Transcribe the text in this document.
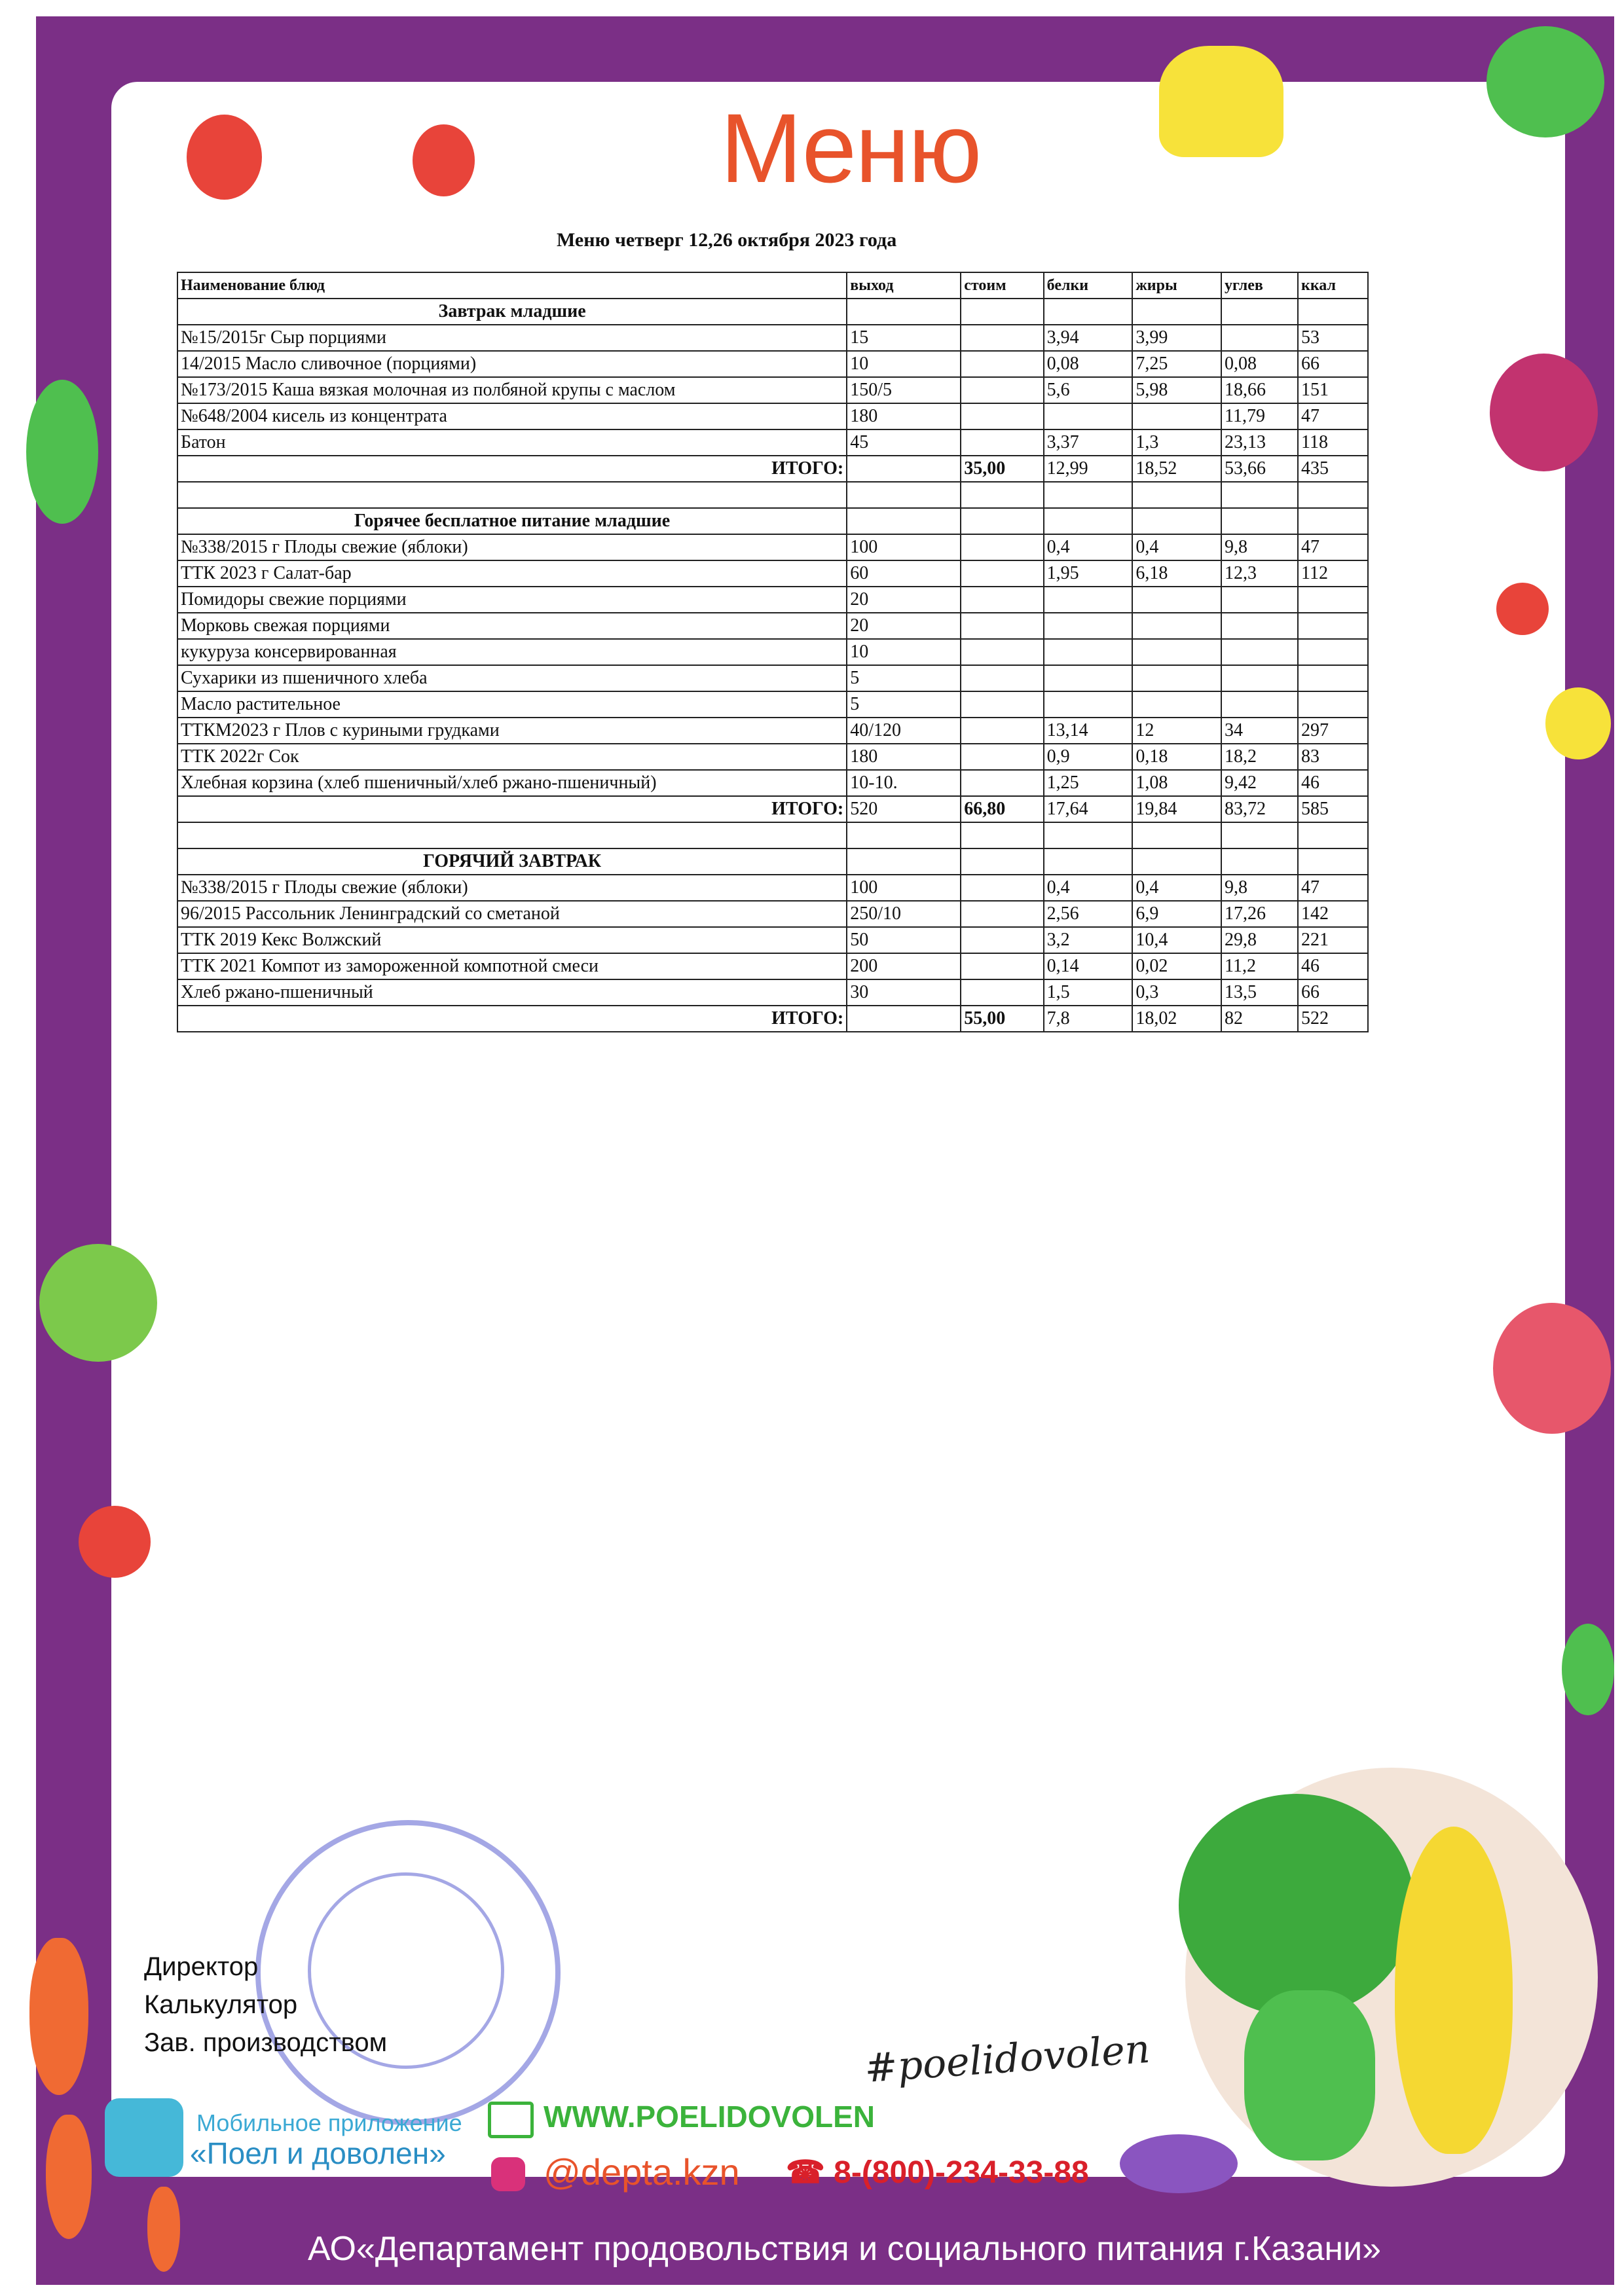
Меню
Меню четверг 12,26 октября 2023 года
Наименование блюд	выход	стоим	белки	жиры	углев	ккал
Завтрак младшие						
№15/2015г Сыр порциями	15		3,94	3,99		53
14/2015 Масло сливочное (порциями)	10		0,08	7,25	0,08	66
№173/2015 Каша вязкая молочная из полбяной крупы с маслом	150/5		5,6	5,98	18,66	151
№648/2004 кисель из концентрата	180				11,79	47
Батон	45		3,37	1,3	23,13	118
ИТОГО:		35,00	12,99	18,52	53,66	435

Горячее бесплатное питание младшие						
№338/2015 г Плоды свежие (яблоки)	100		0,4	0,4	9,8	47
ТТК 2023 г Салат-бар	60		1,95	6,18	12,3	112
Помидоры свежие порциями	20					
Морковь свежая порциями	20					
кукуруза консервированная	10					
Сухарики из пшеничного хлеба	5					
Масло растительное	5					
ТТКМ2023 г Плов с куриными грудками	40/120		13,14	12	34	297
ТТК 2022г Сок	180		0,9	0,18	18,2	83
Хлебная корзина (хлеб пшеничный/хлеб ржано-пшеничный)	10-10.		1,25	1,08	9,42	46
ИТОГО:	520	66,80	17,64	19,84	83,72	585

ГОРЯЧИЙ ЗАВТРАК						
№338/2015 г Плоды свежие (яблоки)	100		0,4	0,4	9,8	47
96/2015 Рассольник Ленинградский со сметаной	250/10		2,56	6,9	17,26	142
ТТК 2019 Кекс Волжский	50		3,2	10,4	29,8	221
ТТК 2021 Компот из замороженной компотной смеси	200		0,14	0,02	11,2	46
Хлеб ржано-пшеничный	30		1,5	0,3	13,5	66
ИТОГО:		55,00	7,8	18,02	82	522
Директор
Калькулятор
Зав. производством	#poelidovolen
Мобильное приложение
«Поел и доволен»
WWW.POELIDOVOLEN
@depta.kzn ☎ 8-(800)-234-33-88
АО«Департамент продовольствия и социального питания г.Казани»
